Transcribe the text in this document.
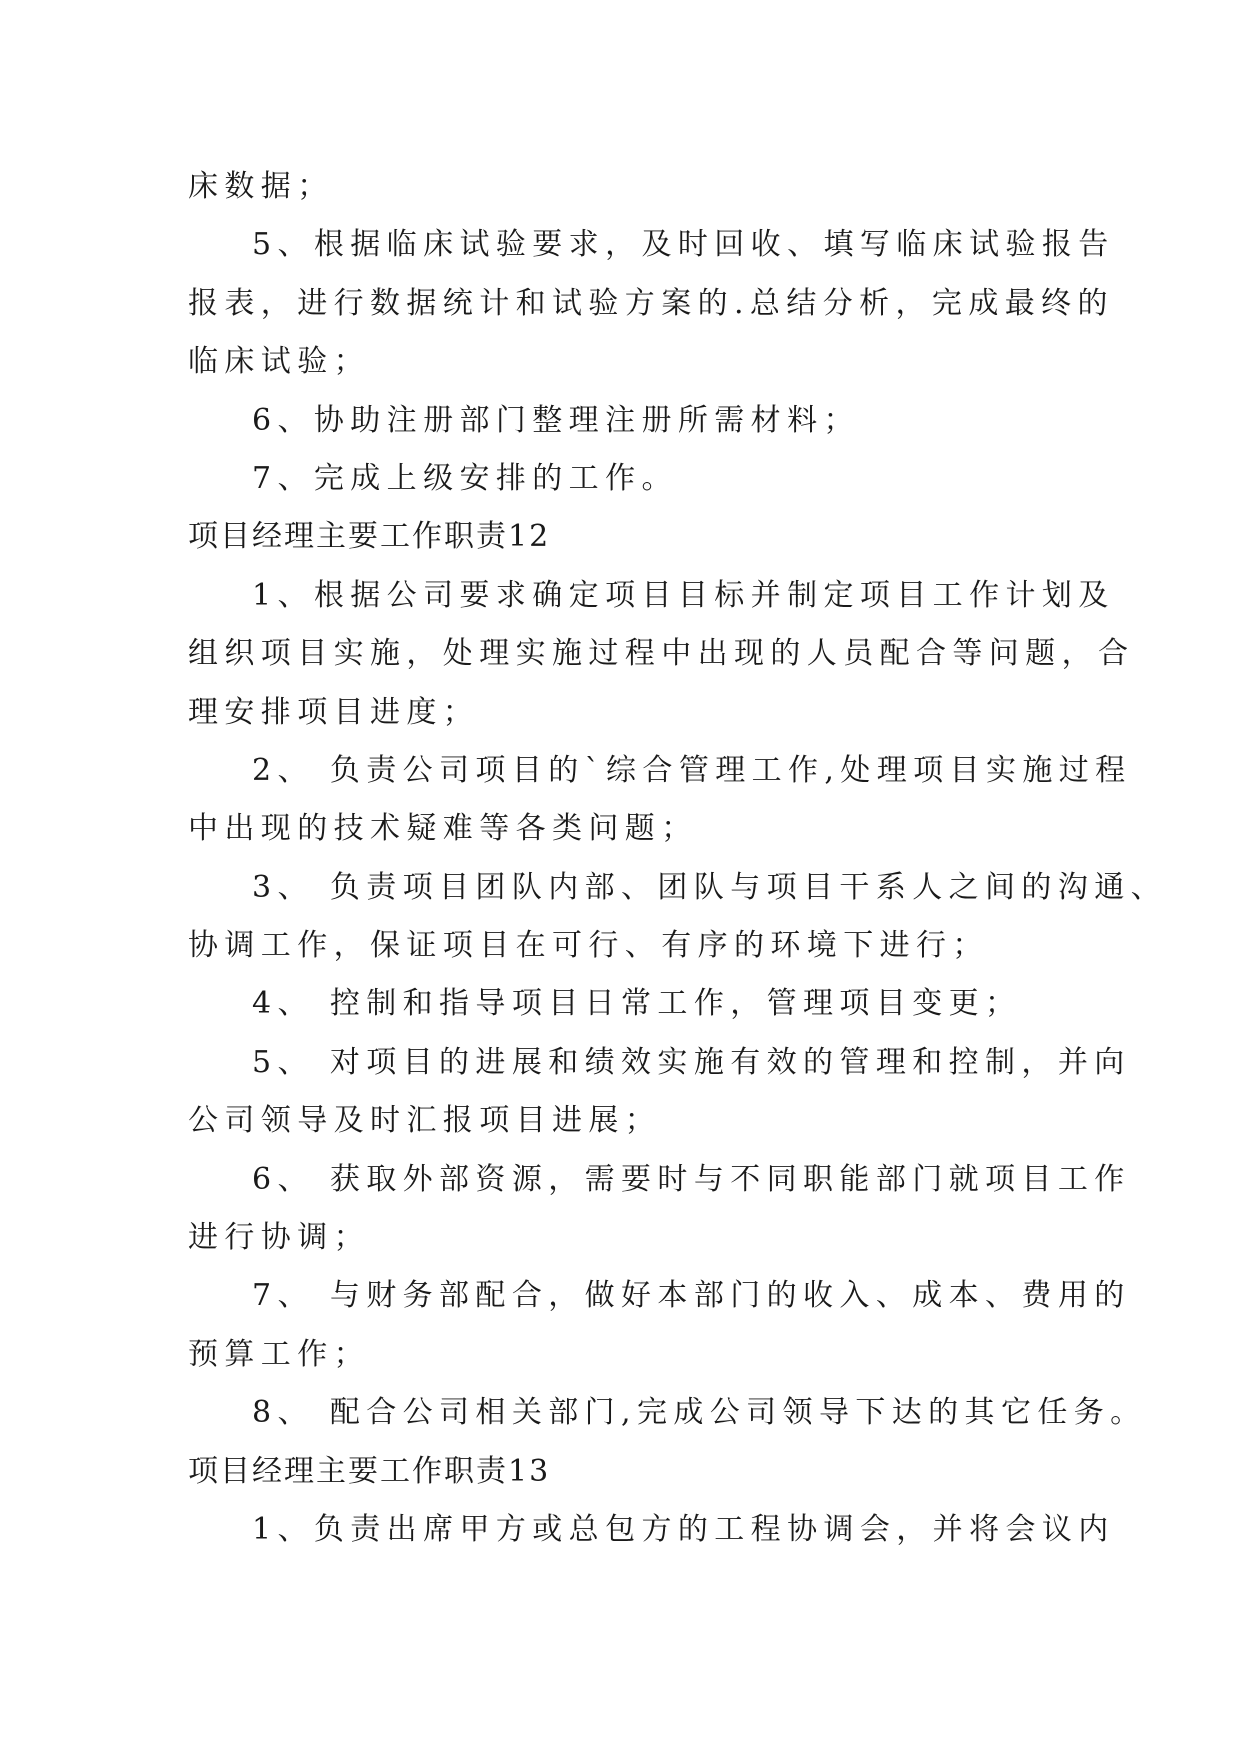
床数据；
5、根据临床试验要求，及时回收、填写临床试验报告
报表，进行数据统计和试验方案的.总结分析，完成最终的
临床试验；
6、协助注册部门整理注册所需材料；
7、完成上级安排的工作。
项目经理主要工作职责12
1、根据公司要求确定项目目标并制定项目工作计划及
组织项目实施，处理实施过程中出现的人员配合等问题，合
理安排项目进度；
2、 负责公司项目的`综合管理工作,处理项目实施过程
中出现的技术疑难等各类问题；
3、 负责项目团队内部、团队与项目干系人之间的沟通、
协调工作，保证项目在可行、有序的环境下进行；
4、 控制和指导项目日常工作，管理项目变更；
5、 对项目的进展和绩效实施有效的管理和控制，并向
公司领导及时汇报项目进展；
6、 获取外部资源，需要时与不同职能部门就项目工作
进行协调；
7、 与财务部配合，做好本部门的收入、成本、费用的
预算工作；
8、 配合公司相关部门,完成公司领导下达的其它任务。
项目经理主要工作职责13
1、负责出席甲方或总包方的工程协调会，并将会议内
